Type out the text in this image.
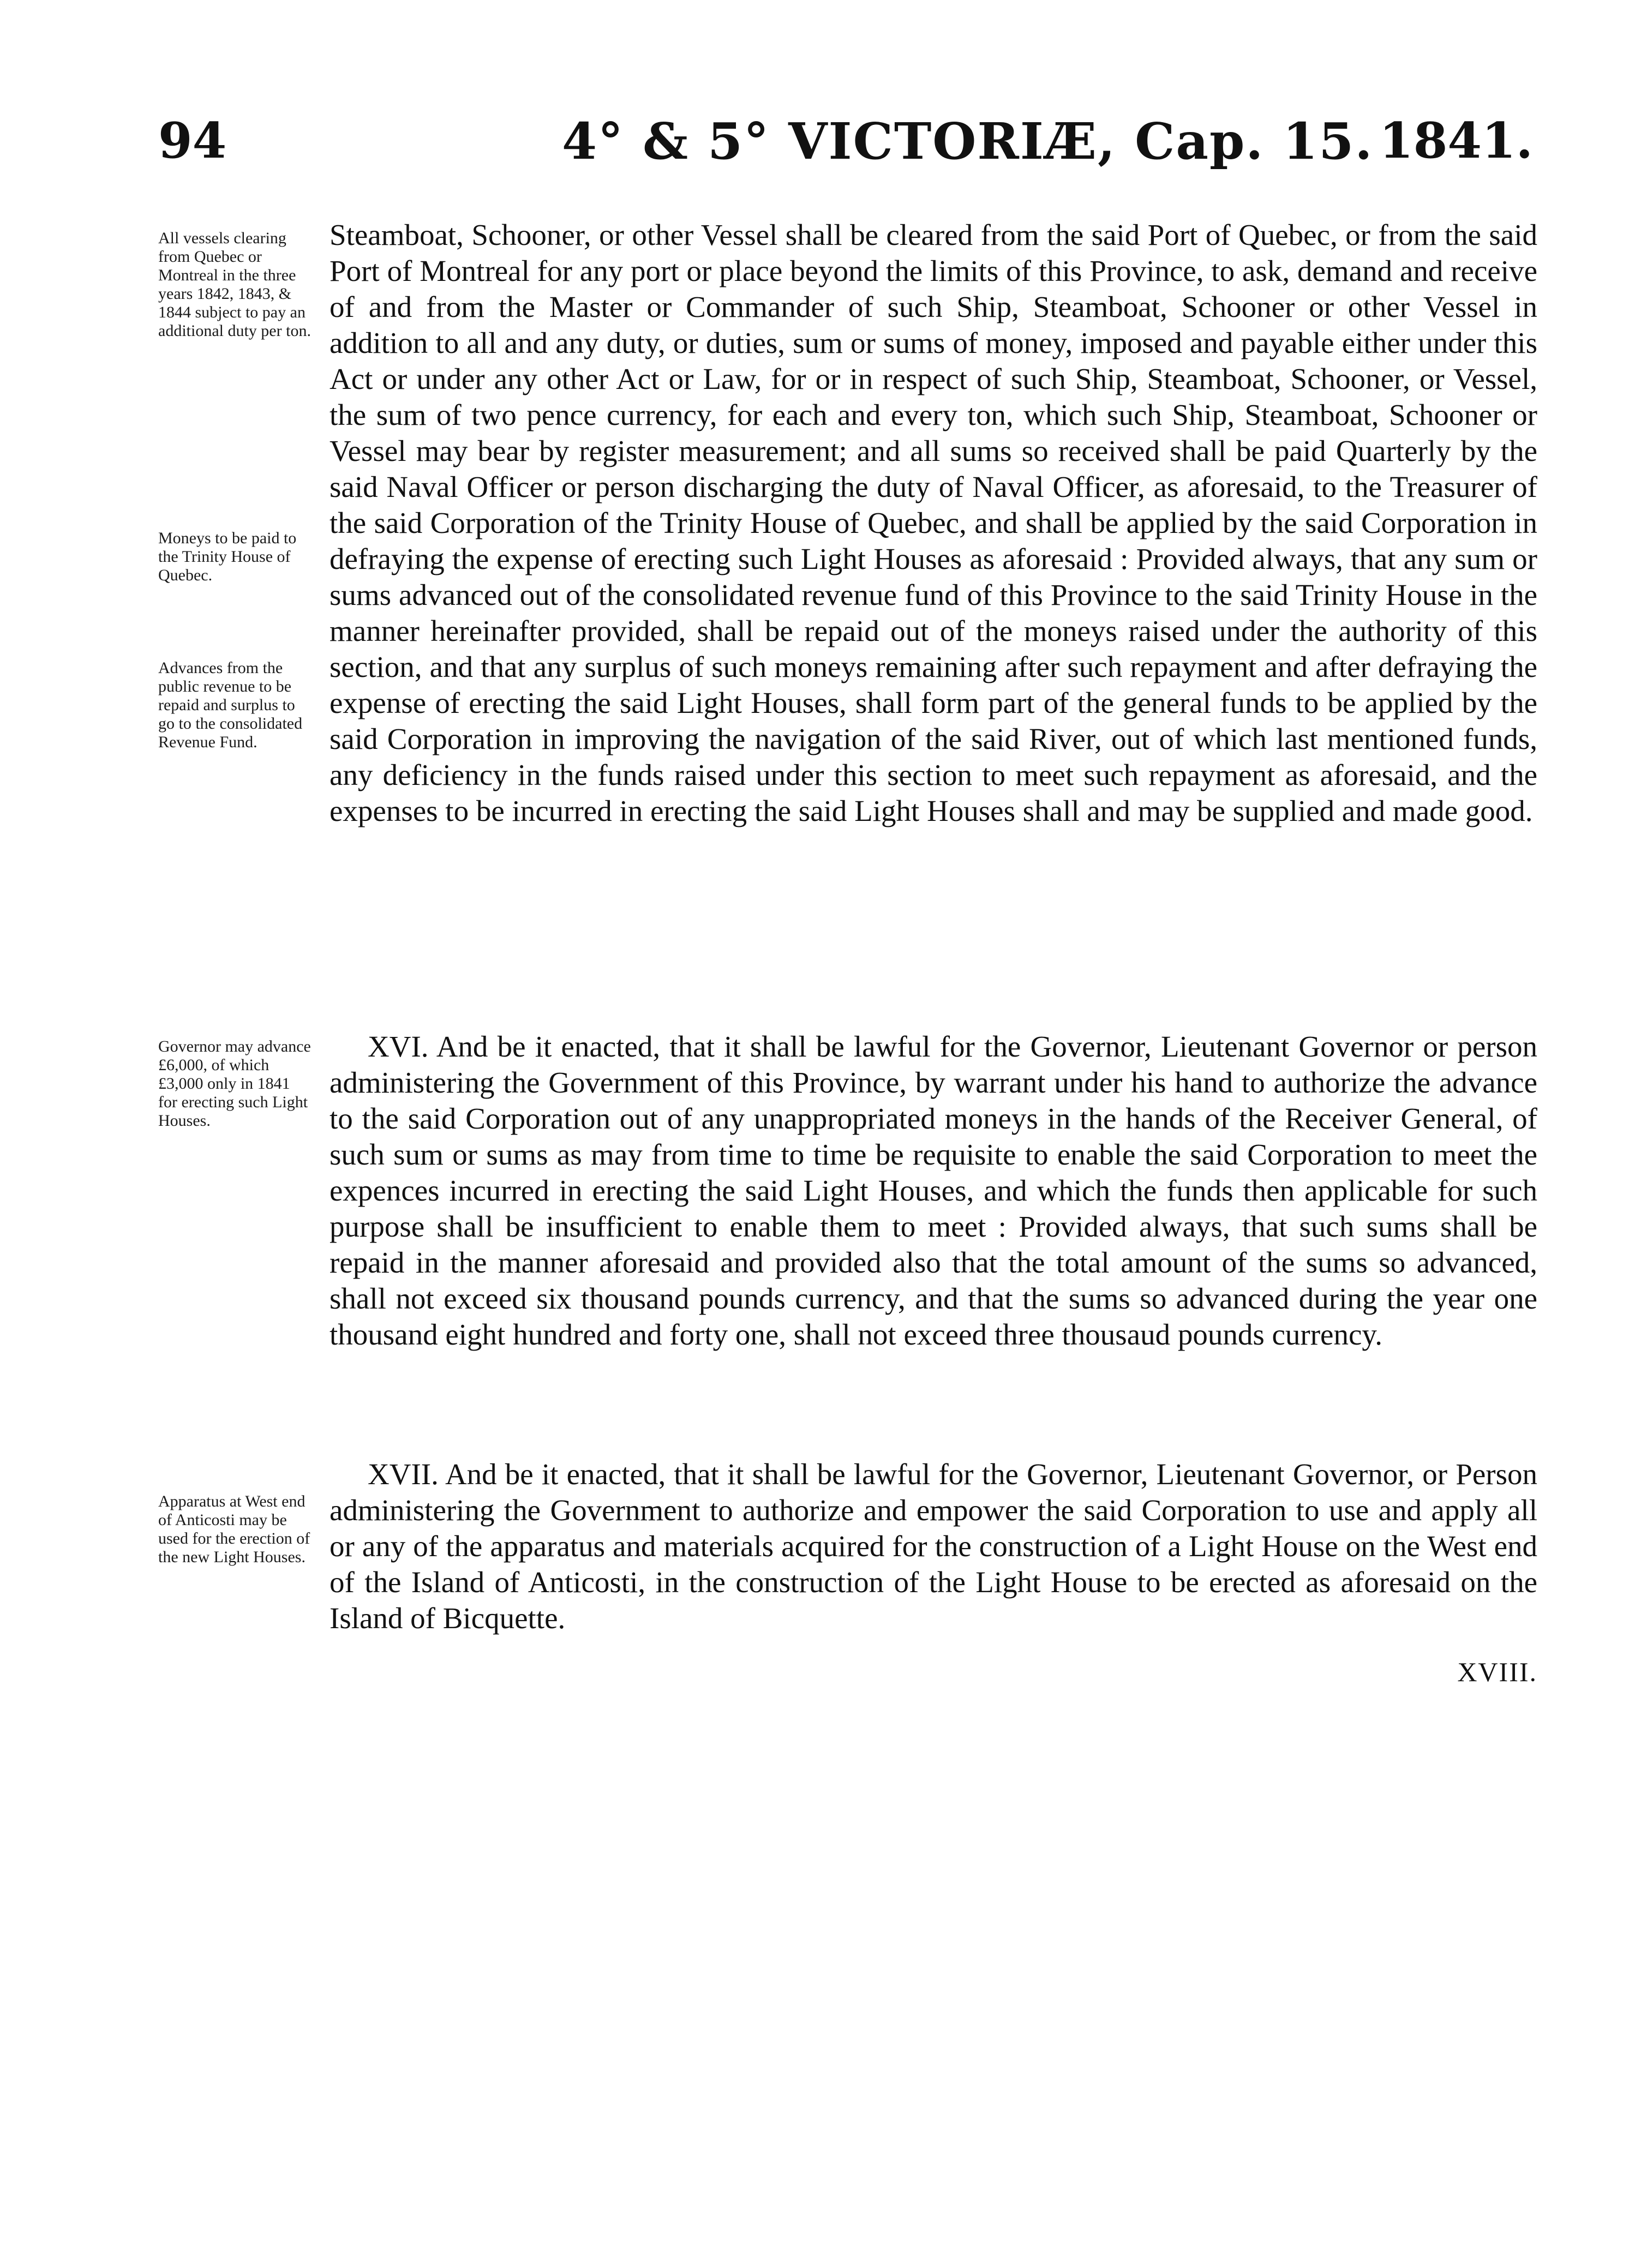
94	4° & 5° VICTORIÆ, Cap. 15. 1841.
All vessels clearing from Quebec or Montreal in the three years 1842, 1843, & 1844 subject to pay an additional duty per ton.
Moneys to be paid to the Trinity House of Quebec.
Advances from the public revenue to be repaid and surplus to go to the consolidated Revenue Fund.
Governor may advance £6,000, of which £3,000 only in 1841 for erecting such Light Houses.
Apparatus at West end of Anticosti may be used for the erection of the new Light Houses.
Steamboat, Schooner, or other Vessel shall be cleared from the said Port of Quebec, or from the said Port of Montreal for any port or place beyond the limits of this Province, to ask, demand and receive of and from the Master or Commander of such Ship, Steamboat, Schooner or other Vessel in addition to all and any duty, or duties, sum or sums of money, imposed and payable either under this Act or under any other Act or Law, for or in respect of such Ship, Steamboat, Schooner, or Vessel, the sum of two pence currency, for each and every ton, which such Ship, Steamboat, Schooner or Vessel may bear by register measurement; and all sums so received shall be paid Quarterly by the said Naval Officer or person discharging the duty of Naval Officer, as aforesaid, to the Treasurer of the said Corporation of the Trinity House of Quebec, and shall be applied by the said Corporation in defraying the expense of erecting such Light Houses as aforesaid : Provided always, that any sum or sums advanced out of the consolidated revenue fund of this Province to the said Trinity House in the manner hereinafter provided, shall be repaid out of the moneys raised under the authority of this section, and that any surplus of such moneys remaining after such repayment and after defraying the expense of erecting the said Light Houses, shall form part of the general funds to be applied by the said Corporation in improving the navigation of the said River, out of which last mentioned funds, any deficiency in the funds raised under this section to meet such repayment as aforesaid, and the expenses to be incurred in erecting the said Light Houses shall and may be supplied and made good.
XVI. And be it enacted, that it shall be lawful for the Governor, Lieutenant Governor or person administering the Government of this Province, by warrant under his hand to authorize the advance to the said Corporation out of any unappropriated moneys in the hands of the Receiver General, of such sum or sums as may from time to time be requisite to enable the said Corporation to meet the expences incurred in erecting the said Light Houses, and which the funds then applicable for such purpose shall be insufficient to enable them to meet : Provided always, that such sums shall be repaid in the manner aforesaid and provided also that the total amount of the sums so advanced, shall not exceed six thousand pounds currency, and that the sums so advanced during the year one thousand eight hundred and forty one, shall not exceed three thousaud pounds currency.
XVII. And be it enacted, that it shall be lawful for the Governor, Lieutenant Governor, or Person administering the Government to authorize and empower the said Corporation to use and apply all or any of the apparatus and materials acquired for the construction of a Light House on the West end of the Island of Anticosti, in the construction of the Light House to be erected as aforesaid on the Island of Bicquette.
XVIII.
